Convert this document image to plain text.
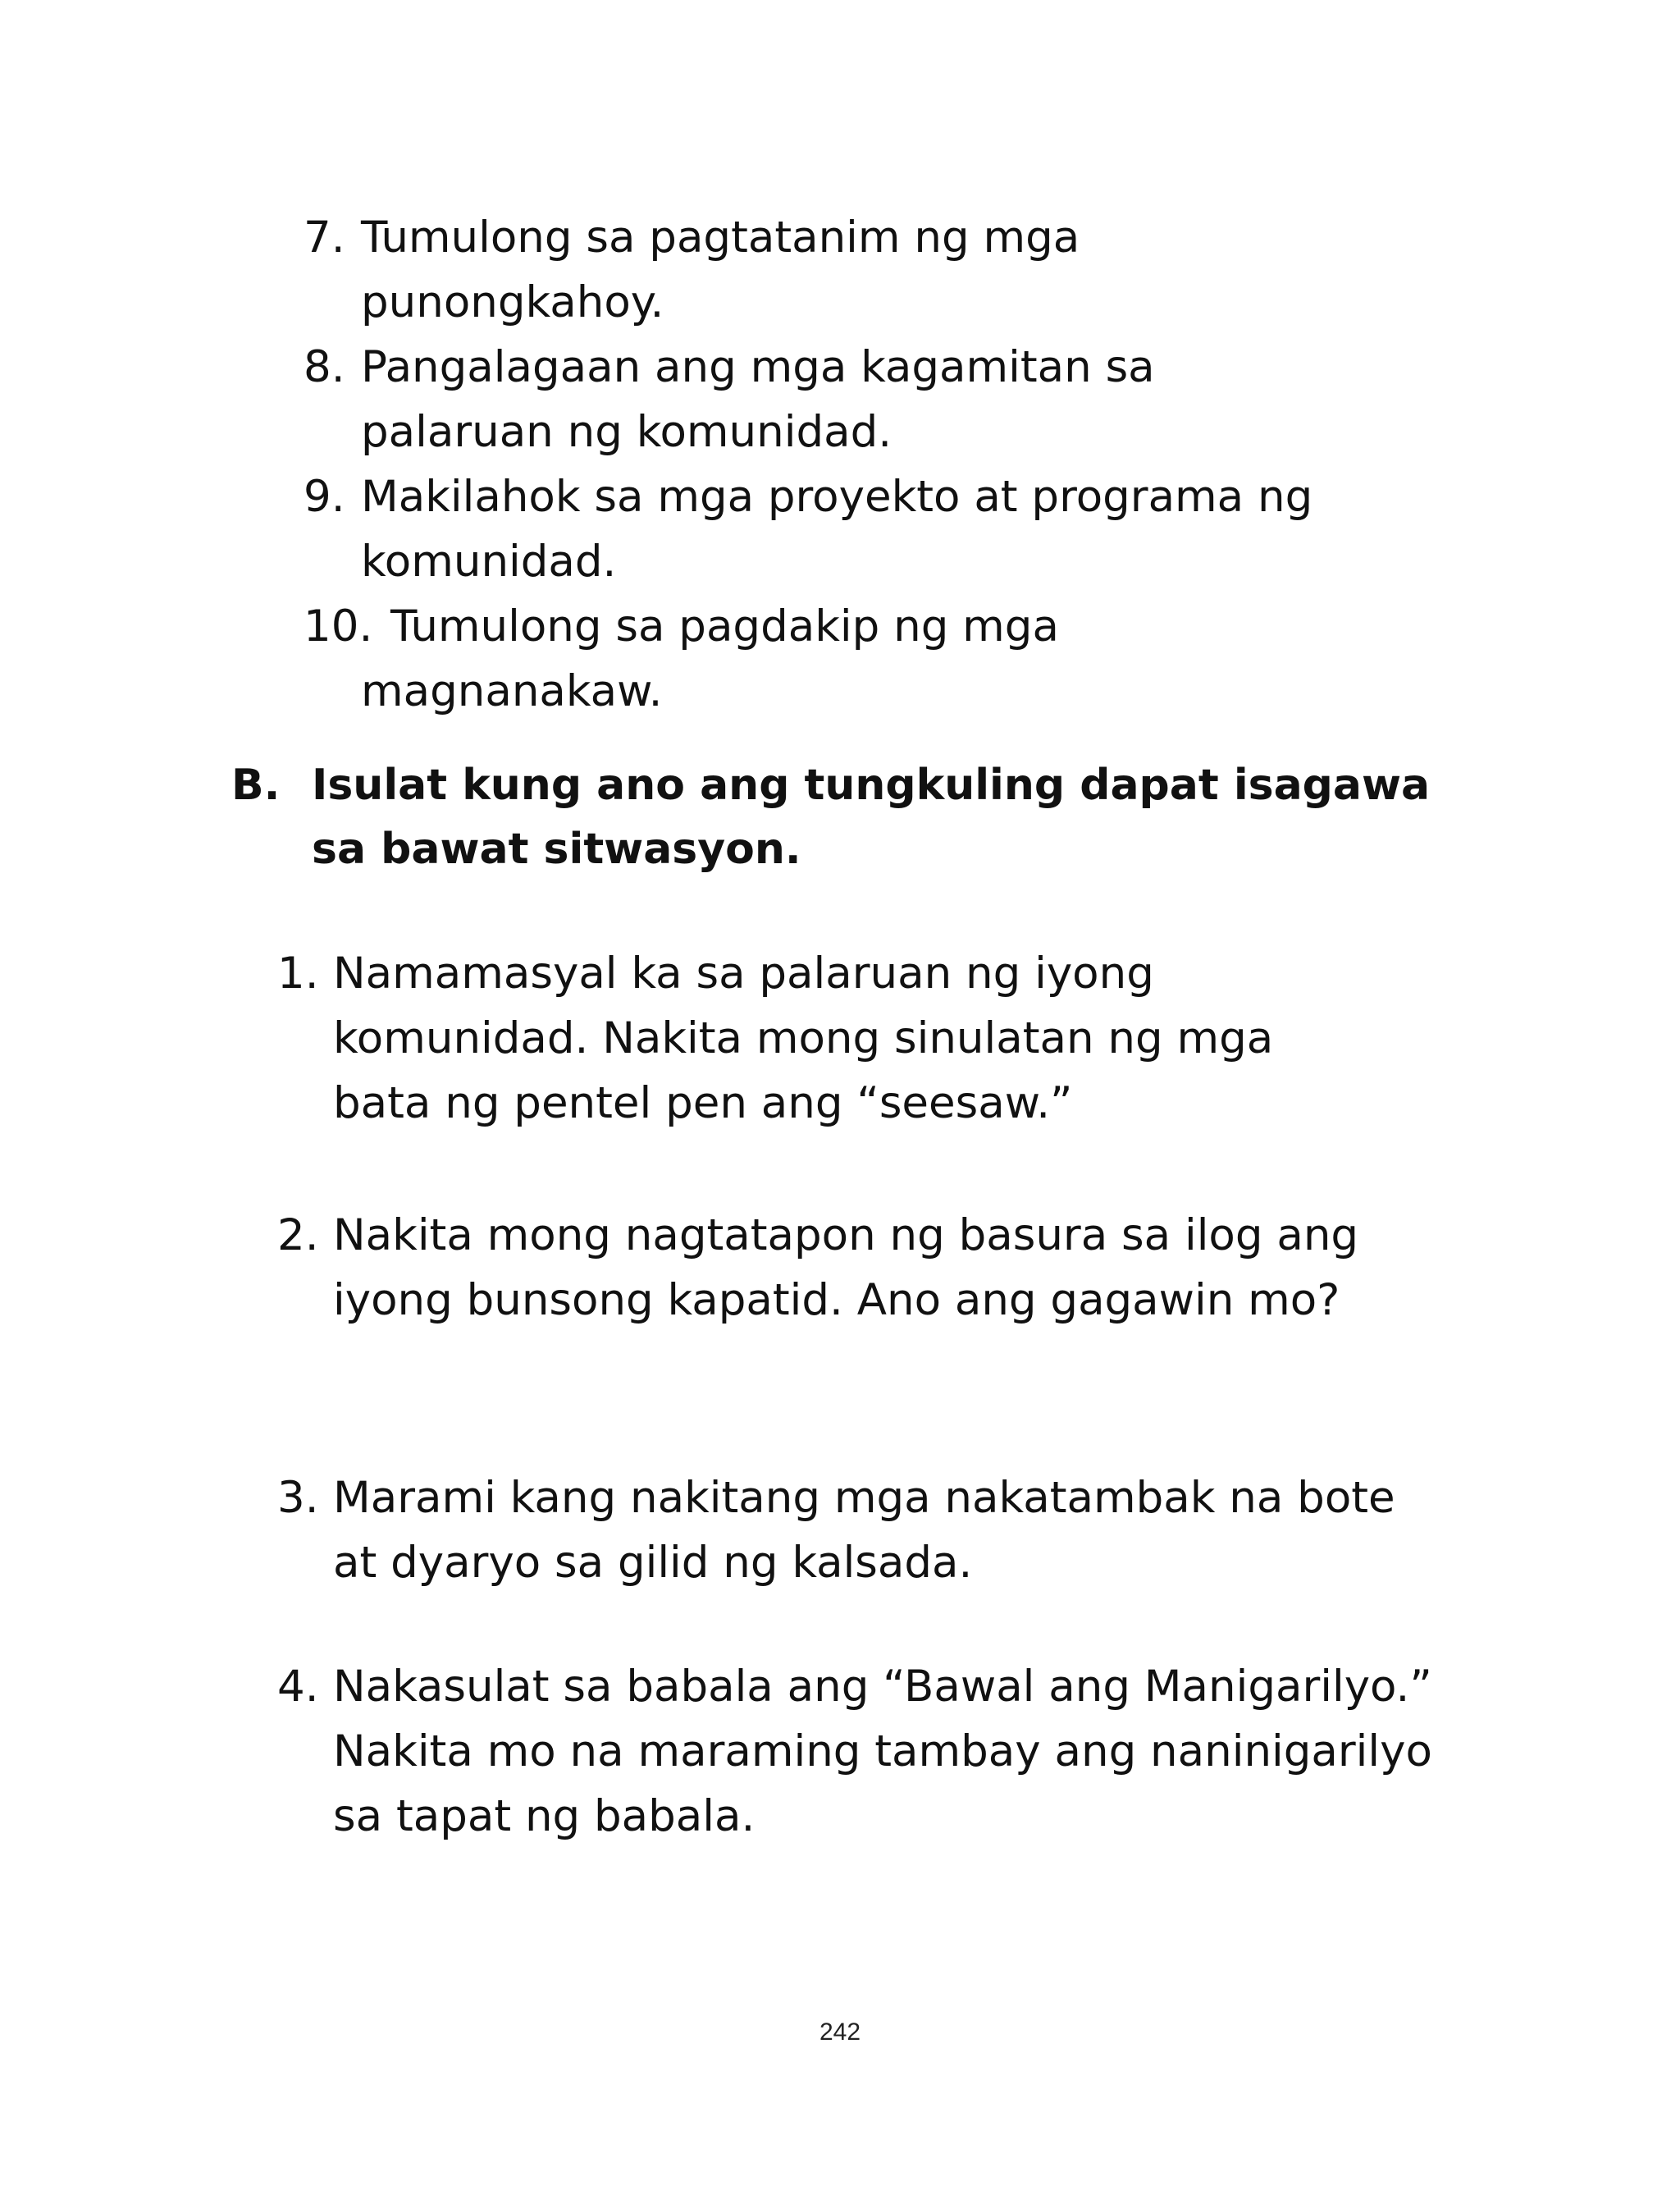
7. Tumulong sa pagtatanim ng mga punongkahoy.
8. Pangalagaan ang mga kagamitan sa palaruan ng komunidad.
9. Makilahok sa mga proyekto at programa ng komunidad.
10. Tumulong sa pagdakip ng mga magnanakaw.
B. Isulat kung ano ang tungkuling dapat isagawa sa bawat sitwasyon.
1. Namamasyal ka sa palaruan ng iyong komunidad. Nakita mong sinulatan ng mga bata ng pentel pen ang “seesaw.”
2. Nakita mong nagtatapon ng basura sa ilog ang iyong bunsong kapatid. Ano ang gagawin mo?
3. Marami kang nakitang mga nakatambak na bote at dyaryo sa gilid ng kalsada.
4. Nakasulat sa babala ang “Bawal ang Manigarilyo.” Nakita mo na maraming tambay ang naninigarilyo sa tapat ng babala.
242
